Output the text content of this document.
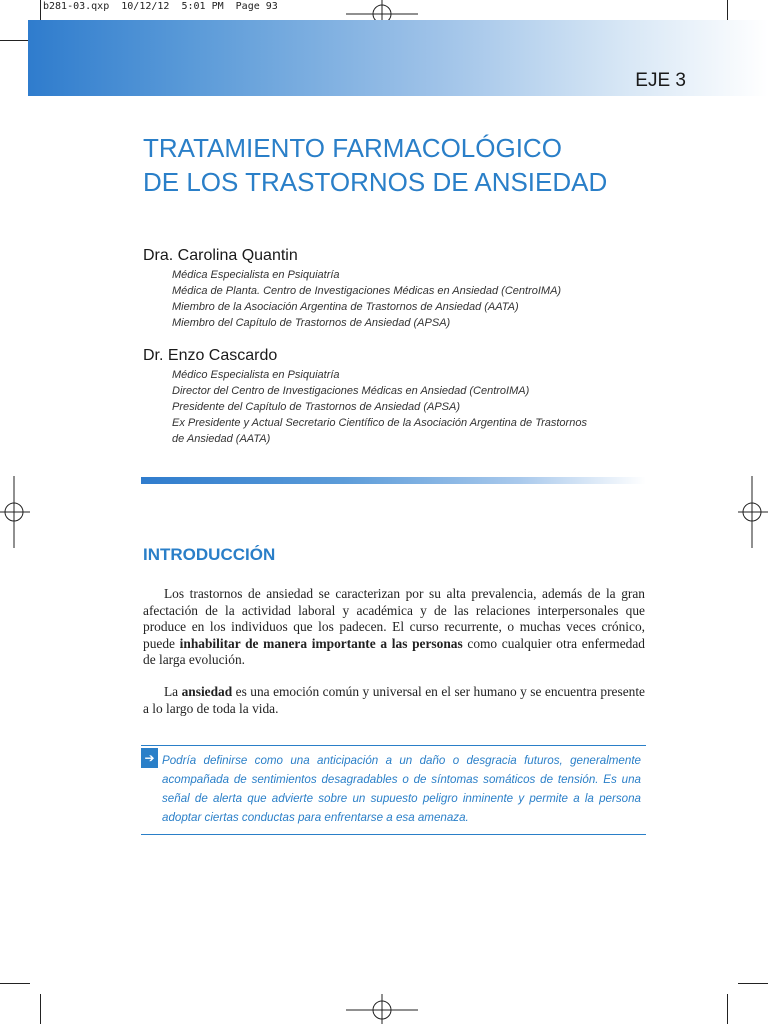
b281-03.qxp  10/12/12  5:01 PM  Page 93
EJE 3
TRATAMIENTO FARMACOLÓGICO
DE LOS TRASTORNOS DE ANSIEDAD
Dra. Carolina Quantin
Médica Especialista en Psiquiatría
Médica de Planta. Centro de Investigaciones Médicas en Ansiedad (CentroIMA)
Miembro de la Asociación Argentina de Trastornos de Ansiedad (AATA)
Miembro del Capítulo de Trastornos de Ansiedad (APSA)
Dr. Enzo Cascardo
Médico Especialista en Psiquiatría
Director del Centro de Investigaciones Médicas en Ansiedad (CentroIMA)
Presidente del Capítulo de Trastornos de Ansiedad (APSA)
Ex Presidente y Actual Secretario Científico de la Asociación Argentina de Trastornos
de Ansiedad (AATA)
INTRODUCCIÓN

Los trastornos de ansiedad se caracterizan por su alta prevalencia, además de la gran afectación de la actividad laboral y académica y de las relaciones interpersonales que produce en los individuos que los padecen. El curso recurrente, o muchas veces crónico, puede inhabilitar de manera importante a las personas como cualquier otra enfermedad de larga evolución.

La ansiedad es una emoción común y universal en el ser humano y se encuentra presente a lo largo de toda la vida.

➔ Podría definirse como una anticipación a un daño o desgracia futuros, generalmente acompañada de sentimientos desagradables o de síntomas somáticos de tensión. Es una señal de alerta que advierte sobre un supuesto peligro inminente y permite a la persona adoptar ciertas conductas para enfrentarse a esa amenaza.
